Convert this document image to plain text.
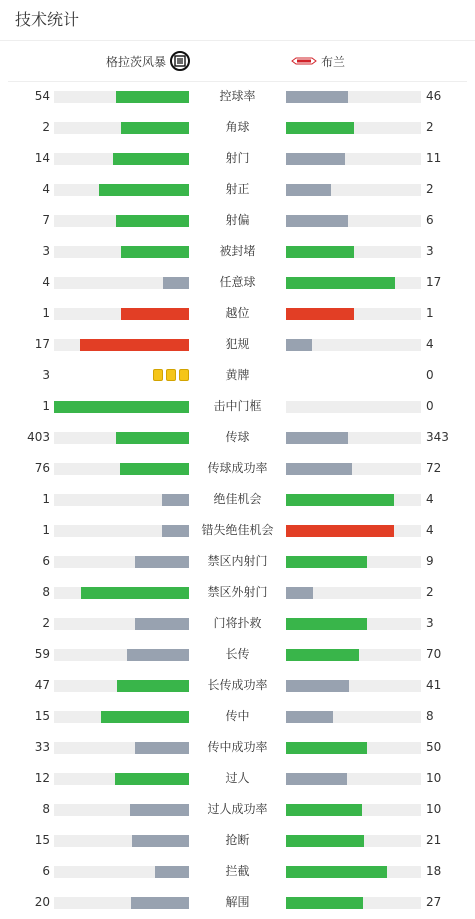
技术统计
格拉茨风暴	布兰
54	控球率	46
2	角球	2
14	射门	11
4	射正	2
7	射偏	6
3	被封堵	3
4	任意球	17
1	越位	1
17	犯规	4
3	黄牌	0
1	击中门框	0
403	传球	343
76	传球成功率	72
1	绝佳机会	4
1	错失绝佳机会	4
6	禁区内射门	9
8	禁区外射门	2
2	门将扑救	3
59	长传	70
47	长传成功率	41
15	传中	8
33	传中成功率	50
12	过人	10
8	过人成功率	10
15	抢断	21
6	拦截	18
20	解围	27
